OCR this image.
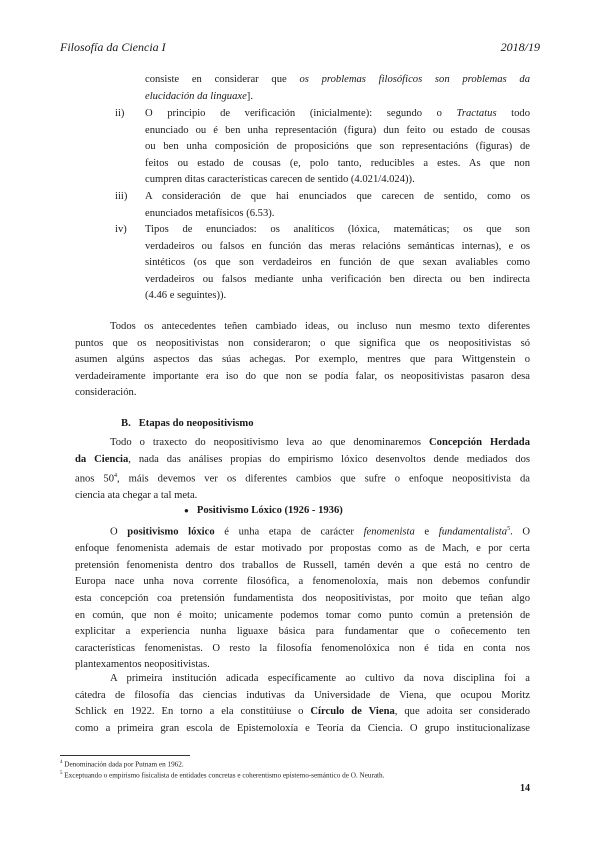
Filosofía da Ciencia I	2018/19
consiste en considerar que os problemas filosóficos son problemas da
elucidación da linguaxe].
ii)	O principio de verificación (inicialmente): segundo o Tractatus todo
enunciado ou é ben unha representación (figura) dun feito ou estado de cousas
ou ben unha composición de proposicións que son representacións (figuras) de
feitos ou estado de cousas (e, polo tanto, reducibles a estes. As que non
cumpren ditas características carecen de sentido (4.021/4.024)).
iii)	A consideración de que hai enunciados que carecen de sentido, como os
enunciados metafísicos (6.53).
iv)	Tipos de enunciados: os analíticos (lóxica, matemáticas; os que son
verdadeiros ou falsos en función das meras relacións semánticas internas), e os
sintéticos (os que son verdadeiros en función de que sexan avaliables como
verdadeiros ou falsos mediante unha verificación ben directa ou ben indirecta
(4.46 e seguintes)).
Todos os antecedentes teñen cambiado ideas, ou incluso nun mesmo texto diferentes
puntos que os neopositivistas non consideraron; o que significa que os neopositivistas só
asumen algúns aspectos das súas achegas. Por exemplo, mentres que para Wittgenstein o
verdadeiramente importante era iso do que non se podía falar, os neopositivistas pasaron desa
consideración.
B. Etapas do neopositivismo
Todo o traxecto do neopositivismo leva ao que denominaremos Concepción Herdada
da Ciencia, nada das análises propias do empirismo lóxico desenvoltos dende mediados dos
anos $50^4$, máis devemos ver os diferentes cambios que sufre o enfoque neopositivista da
ciencia ata chegar a tal meta.
● Positivismo Lóxico (1926 - 1936)
O positivismo lóxico é unha etapa de carácter fenomenista e fundamentalista$^5$. O
enfoque fenomenista ademais de estar motivado por propostas como as de Mach, e por certa
pretensión fenomenista dentro dos traballos de Russell, tamén devén a que está no centro de
Europa nace unha nova corrente filosófica, a fenomenoloxía, mais non debemos confundir
esta concepción coa pretensión fundamentista dos neopositivistas, por moito que teñan algo
en común, que non é moito; unicamente podemos tomar como punto común a pretensión de
explicitar a experiencia nunha liguaxe básica para fundamentar que o coñecemento ten
características fenomenistas. O resto la filosofía fenomenolóxica non é tida en conta nos
plantexamentos neopositivistas.
A primeira institución adicada específicamente ao cultivo da nova disciplina foi a
cátedra de filosofía das ciencias indutivas da Universidade de Viena, que ocupou Moritz
Schlick en 1922. En torno a ela constitúiuse o Círculo de Viena, que adoita ser considerado
como a primeira gran escola de Epistemoloxía e Teoría da Ciencia. O grupo institucionalízase
$^4$ Denominación dada por Putnam en 1962.
$^5$ Exceptuando o empirismo fisicalista de entidades concretas e coherentismo epistemo-semántico de O. Neurath.
14
